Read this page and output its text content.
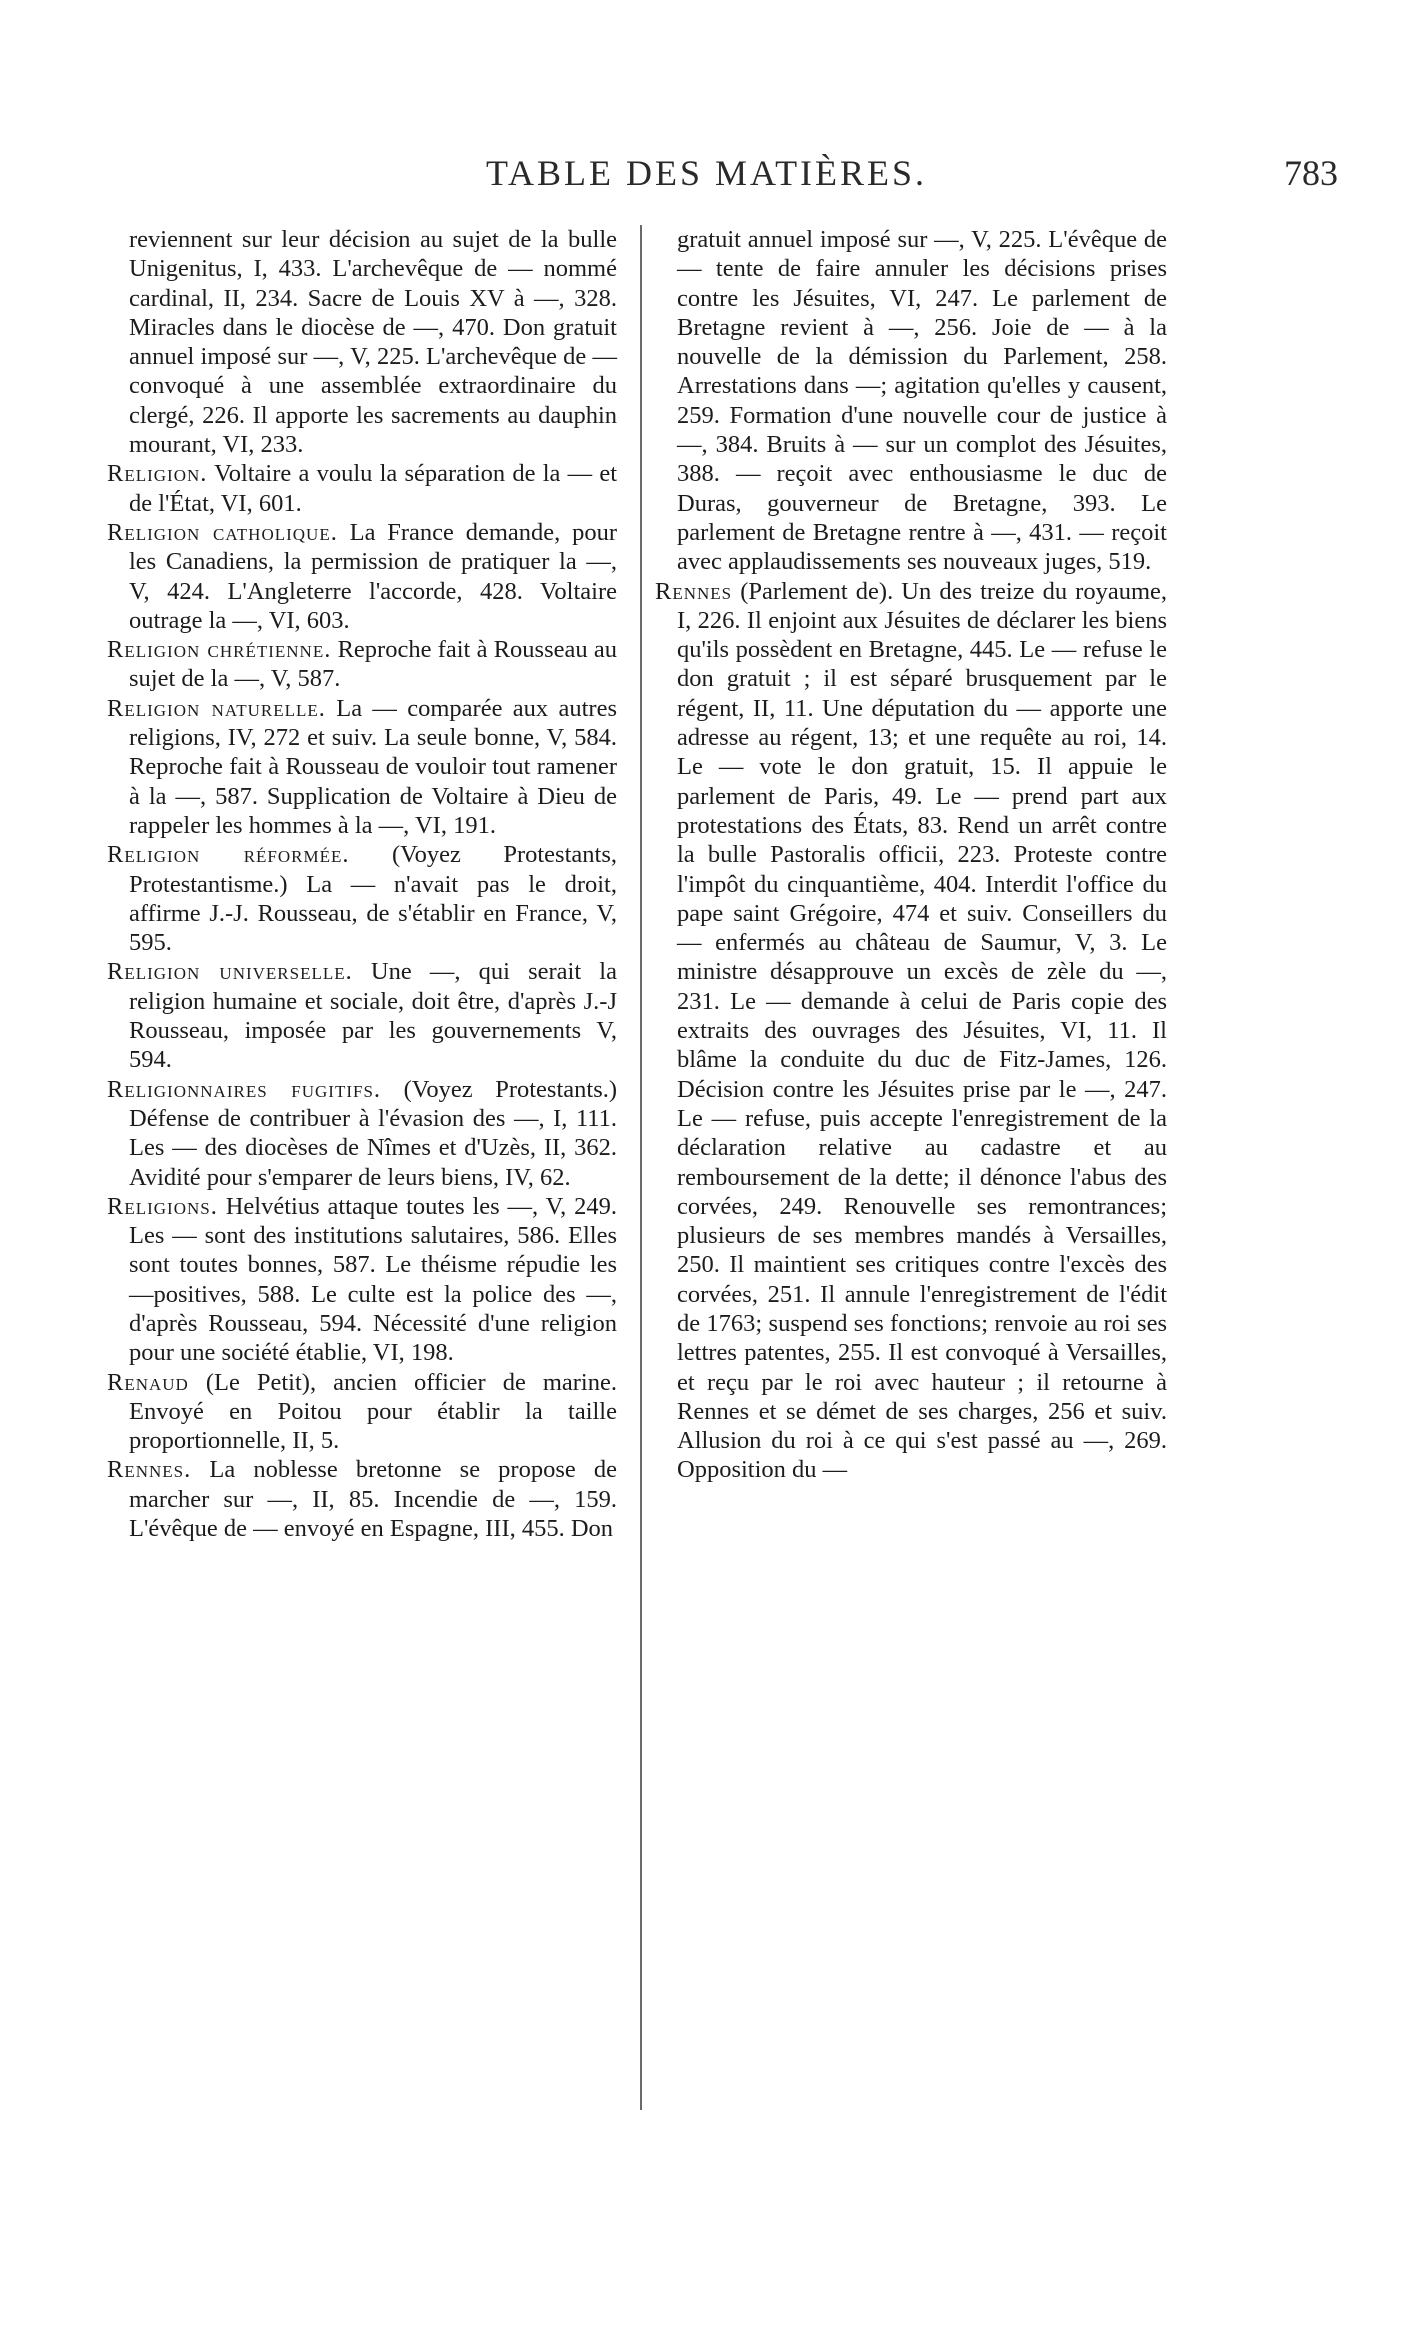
TABLE DES MATIÈRES.	783

reviennent sur leur décision au sujet de la bulle Unigenitus, I, 433. L'archevêque de — nommé cardinal, II, 234. Sacre de Louis XV à —, 328. Miracles dans le diocèse de —, 470. Don gratuit annuel imposé sur —, V, 225. L'archevêque de — convoqué à une assemblée extraordinaire du clergé, 226. Il apporte les sacrements au dauphin mourant, VI, 233.

Religion. Voltaire a voulu la séparation de la — et de l'État, VI, 601.

Religion catholique. La France demande, pour les Canadiens, la permission de pratiquer la —, V, 424. L'Angleterre l'accorde, 428. Voltaire outrage la —, VI, 603.

Religion chrétienne. Reproche fait à Rousseau au sujet de la —, V, 587.

Religion naturelle. La — comparée aux autres religions, IV, 272 et suiv. La seule bonne, V, 584. Reproche fait à Rousseau de vouloir tout ramener à la —, 587. Supplication de Voltaire à Dieu de rappeler les hommes à la —, VI, 191.

Religion réformée. (Voyez Protestants, Protestantisme.) La — n'avait pas le droit, affirme J.-J. Rousseau, de s'établir en France, V, 595.

Religion universelle. Une —, qui serait la religion humaine et sociale, doit être, d'après J.-J Rousseau, imposée par les gouvernements V, 594.

Religionnaires fugitifs. (Voyez Protestants.) Défense de contribuer à l'évasion des —, I, 111. Les — des diocèses de Nîmes et d'Uzès, II, 362. Avidité pour s'emparer de leurs biens, IV, 62.

Religions. Helvétius attaque toutes les —, V, 249. Les — sont des institutions salutaires, 586. Elles sont toutes bonnes, 587. Le théisme répudie les —positives, 588. Le culte est la police des —, d'après Rousseau, 594. Nécessité d'une religion pour une société établie, VI, 198.

Renaud (Le Petit), ancien officier de marine. Envoyé en Poitou pour établir la taille proportionnelle, II, 5.

Rennes. La noblesse bretonne se propose de marcher sur —, II, 85. Incendie de —, 159. L'évêque de — envoyé en Espagne, III, 455. Don

gratuit annuel imposé sur —, V, 225. L'évêque de — tente de faire annuler les décisions prises contre les Jésuites, VI, 247. Le parlement de Bretagne revient à —, 256. Joie de — à la nouvelle de la démission du Parlement, 258. Arrestations dans —; agitation qu'elles y causent, 259. Formation d'une nouvelle cour de justice à —, 384. Bruits à — sur un complot des Jésuites, 388. — reçoit avec enthousiasme le duc de Duras, gouverneur de Bretagne, 393. Le parlement de Bretagne rentre à —, 431. — reçoit avec applaudissements ses nouveaux juges, 519.

Rennes (Parlement de). Un des treize du royaume, I, 226. Il enjoint aux Jésuites de déclarer les biens qu'ils possèdent en Bretagne, 445. Le — refuse le don gratuit ; il est séparé brusquement par le régent, II, 11. Une députation du — apporte une adresse au régent, 13; et une requête au roi, 14. Le — vote le don gratuit, 15. Il appuie le parlement de Paris, 49. Le — prend part aux protestations des États, 83. Rend un arrêt contre la bulle Pastoralis officii, 223. Proteste contre l'impôt du cinquantième, 404. Interdit l'office du pape saint Grégoire, 474 et suiv. Conseillers du — enfermés au château de Saumur, V, 3. Le ministre désapprouve un excès de zèle du —, 231. Le — demande à celui de Paris copie des extraits des ouvrages des Jésuites, VI, 11. Il blâme la conduite du duc de Fitz-James, 126. Décision contre les Jésuites prise par le —, 247. Le — refuse, puis accepte l'enregistrement de la déclaration relative au cadastre et au remboursement de la dette; il dénonce l'abus des corvées, 249. Renouvelle ses remontrances; plusieurs de ses membres mandés à Versailles, 250. Il maintient ses critiques contre l'excès des corvées, 251. Il annule l'enregistrement de l'édit de 1763; suspend ses fonctions; renvoie au roi ses lettres patentes, 255. Il est convoqué à Versailles, et reçu par le roi avec hauteur ; il retourne à Rennes et se démet de ses charges, 256 et suiv. Allusion du roi à ce qui s'est passé au —, 269. Opposition du —
